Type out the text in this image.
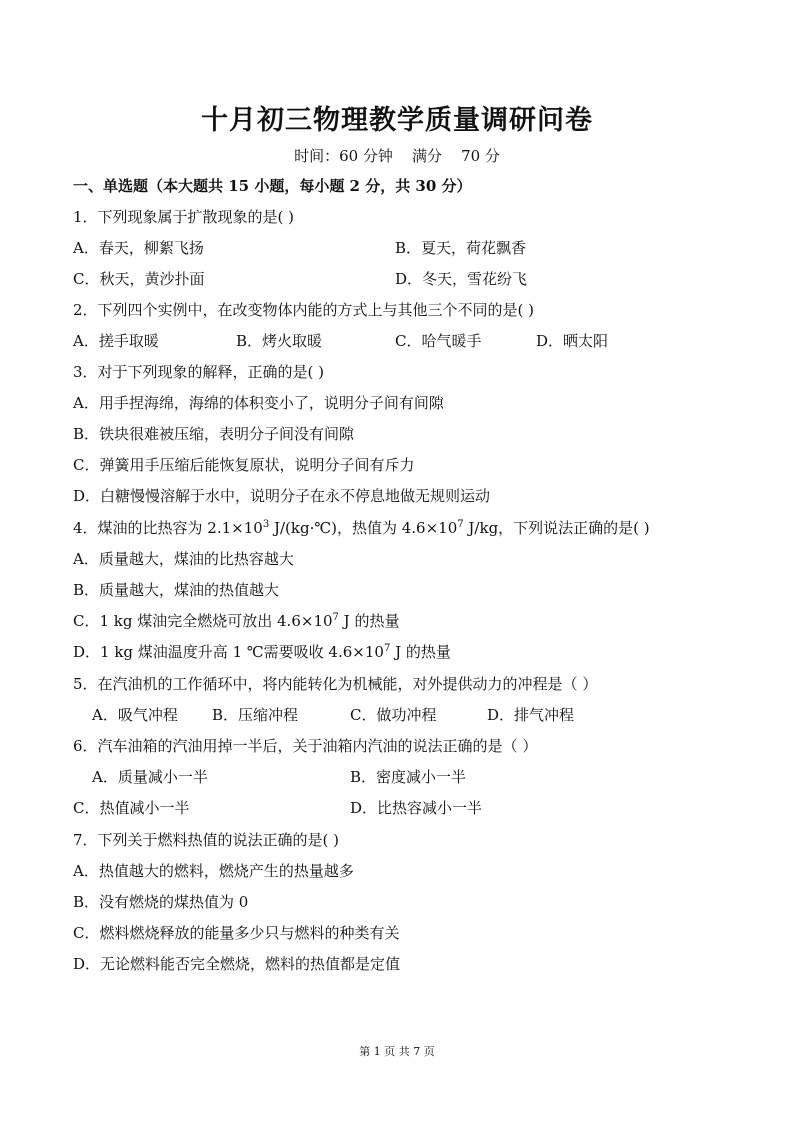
十月初三物理教学质量调研问卷
时间：60 分钟    满分    70 分
一、单选题（本大题共 15 小题，每小题 2 分，共 30 分）
1．下列现象属于扩散现象的是( )
A．春天，柳絮飞扬	B．夏天，荷花飘香
C．秋天，黄沙扑面	D．冬天，雪花纷飞
2．下列四个实例中，在改变物体内能的方式上与其他三个不同的是( )
A．搓手取暖	B．烤火取暖	C．哈气暖手	D．晒太阳
3．对于下列现象的解释，正确的是( )
A．用手捏海绵，海绵的体积变小了，说明分子间有间隙
B．铁块很难被压缩，表明分子间没有间隙
C．弹簧用手压缩后能恢复原状，说明分子间有斥力
D．白糖慢慢溶解于水中，说明分子在永不停息地做无规则运动
4．煤油的比热容为 $2.1\times 10^3$ J/(kg·℃)，热值为 $4.6\times 10^7$ J/kg，下列说法正确的是( )
A．质量越大，煤油的比热容越大
B．质量越大，煤油的热值越大
C．1 kg 煤油完全燃烧可放出 $4.6\times 10^7$ J 的热量
D．1 kg 煤油温度升高 1 ℃需要吸收 $4.6\times 10^7$ J 的热量
5．在汽油机的工作循环中，将内能转化为机械能，对外提供动力的冲程是（ ）
A．吸气冲程 B．压缩冲程	C．做功冲程	D．排气冲程
6．汽车油箱的汽油用掉一半后，关于油箱内汽油的说法正确的是（ ）
A．质量减小一半	B．密度减小一半
C．热值减小一半	D．比热容减小一半
7．下列关于燃料热值的说法正确的是( )
A．热值越大的燃料，燃烧产生的热量越多
B．没有燃烧的煤热值为 0
C．燃料燃烧释放的能量多少只与燃料的种类有关
D．无论燃料能否完全燃烧，燃料的热值都是定值
第 1 页 共 7 页
